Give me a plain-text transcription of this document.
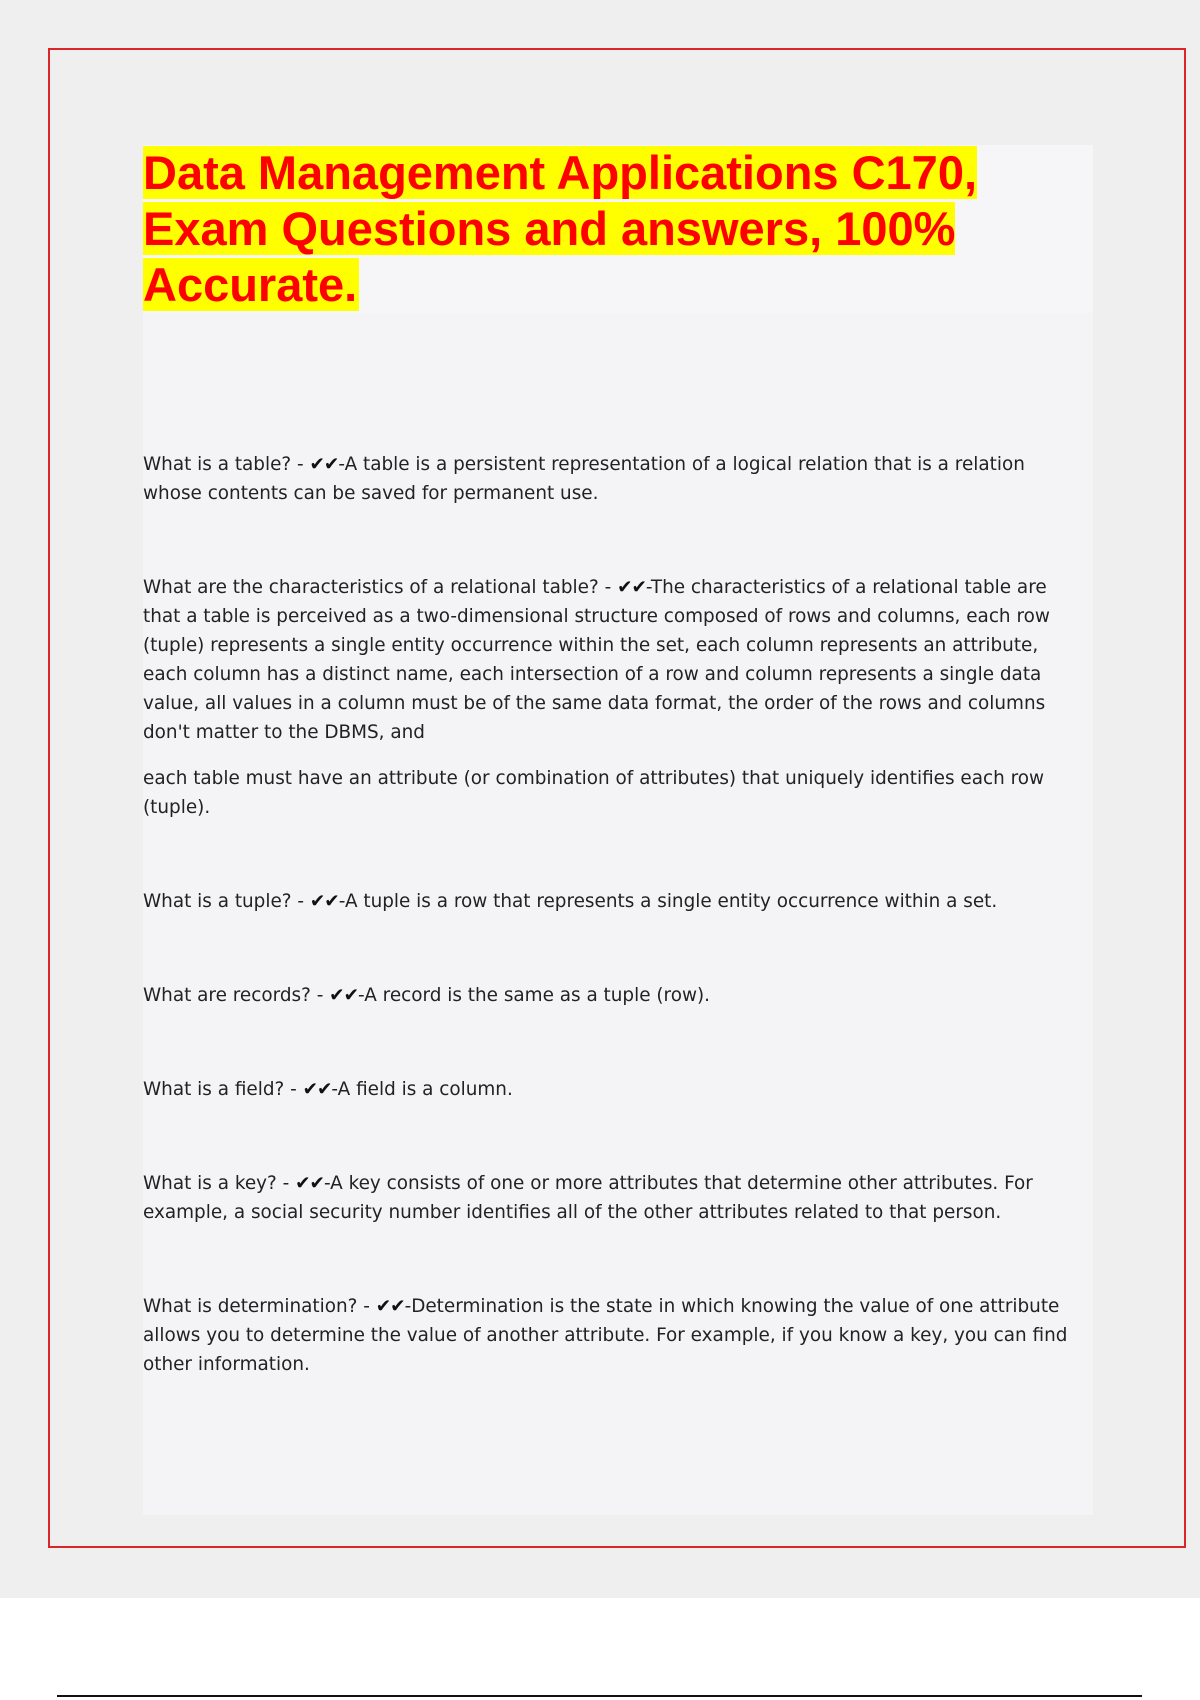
Data Management Applications C170, Exam Questions and answers, 100% Accurate.

What is a table? - ✔✔-A table is a persistent representation of a logical relation that is a relation whose contents can be saved for permanent use.

What are the characteristics of a relational table? - ✔✔-The characteristics of a relational table are that a table is perceived as a two-dimensional structure composed of rows and columns, each row (tuple) represents a single entity occurrence within the set, each column represents an attribute, each column has a distinct name, each intersection of a row and column represents a single data value, all values in a column must be of the same data format, the order of the rows and columns don't matter to the DBMS, and

each table must have an attribute (or combination of attributes) that uniquely identifies each row (tuple).

What is a tuple? - ✔✔-A tuple is a row that represents a single entity occurrence within a set.

What are records? - ✔✔-A record is the same as a tuple (row).

What is a field? - ✔✔-A field is a column.

What is a key? - ✔✔-A key consists of one or more attributes that determine other attributes. For example, a social security number identifies all of the other attributes related to that person.

What is determination? - ✔✔-Determination is the state in which knowing the value of one attribute allows you to determine the value of another attribute. For example, if you know a key, you can find other information.
